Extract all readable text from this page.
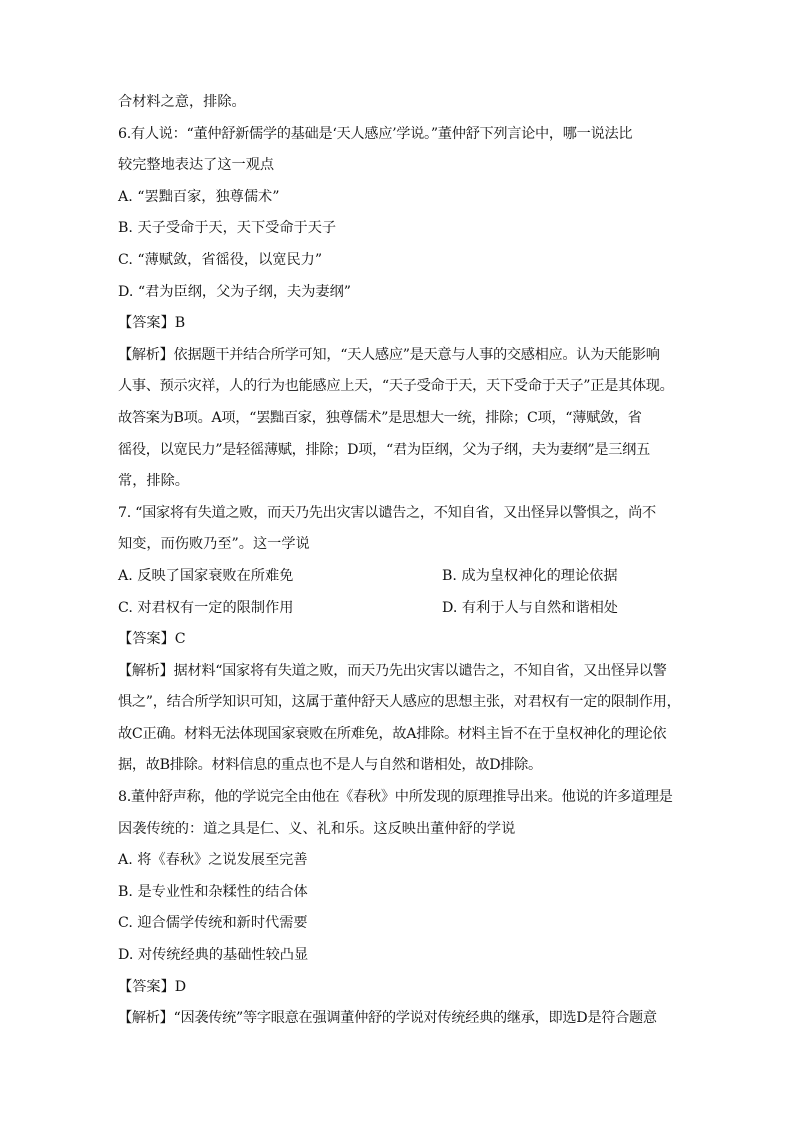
合材料之意，排除。
6.有人说：“董仲舒新儒学的基础是‘天人感应’学说。”董仲舒下列言论中，哪一说法比
较完整地表达了这一观点
A. “罢黜百家，独尊儒术”
B. 天子受命于天，天下受命于天子
C. “薄赋敛，省徭役，以宽民力”
D. “君为臣纲，父为子纲，夫为妻纲”
【答案】B
【解析】依据题干并结合所学可知，“天人感应”是天意与人事的交感相应。认为天能影响
人事、预示灾祥，人的行为也能感应上天，“天子受命于天，天下受命于天子”正是其体现。
故答案为B项。A项，“罢黜百家，独尊儒术”是思想大一统，排除；C项，“薄赋敛，省
徭役，以宽民力”是轻徭薄赋，排除；D项，“君为臣纲，父为子纲，夫为妻纲”是三纲五
常，排除。
7. “国家将有失道之败，而天乃先出灾害以谴告之，不知自省，又出怪异以警惧之，尚不
知变，而伤败乃至”。这一学说
A. 反映了国家衰败在所难免	B. 成为皇权神化的理论依据
C. 对君权有一定的限制作用	D. 有利于人与自然和谐相处
【答案】C
【解析】据材料“国家将有失道之败，而天乃先出灾害以谴告之，不知自省，又出怪异以警
惧之”，结合所学知识可知，这属于董仲舒天人感应的思想主张，对君权有一定的限制作用，
故C正确。材料无法体现国家衰败在所难免，故A排除。材料主旨不在于皇权神化的理论依
据，故B排除。材料信息的重点也不是人与自然和谐相处，故D排除。
8.董仲舒声称，他的学说完全由他在《春秋》中所发现的原理推导出来。他说的许多道理是
因袭传统的：道之具是仁、义、礼和乐。这反映出董仲舒的学说
A. 将《春秋》之说发展至完善
B. 是专业性和杂糅性的结合体
C. 迎合儒学传统和新时代需要
D. 对传统经典的基础性较凸显
【答案】D
【解析】“因袭传统”等字眼意在强调董仲舒的学说对传统经典的继承，即选D是符合题意
